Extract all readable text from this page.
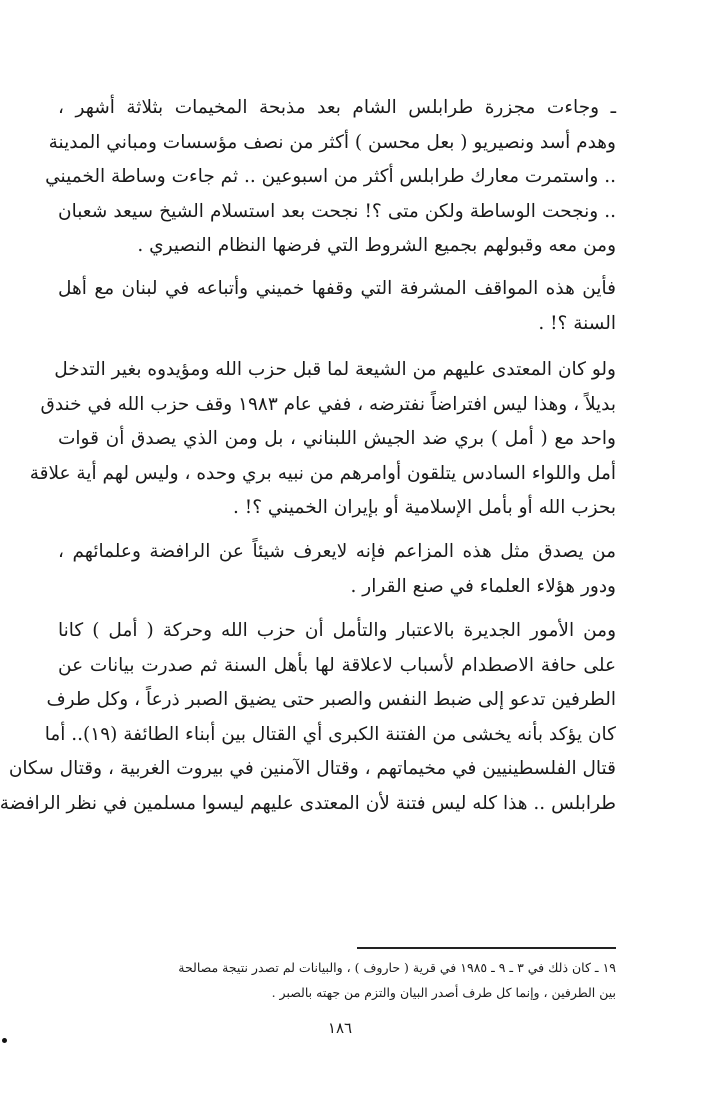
ـ وجاءت مجزرة طرابلس الشام بعد مذبحة المخيمات بثلاثة أشهر ،
وهدم أسد ونصيريو ( بعل محسن ) أكثر من نصف مؤسسات ومباني المدينة
.. واستمرت معارك طرابلس أكثر من اسبوعين .. ثم جاءت وساطة الخميني
.. ونجحت الوساطة ولكن متى ؟! نجحت بعد استسلام الشيخ سيعد شعبان
ومن معه وقبولهم بجميع الشروط التي فرضها النظام النصيري .
فأين هذه المواقف المشرفة التي وقفها خميني وأتباعه في لبنان مع أهل
السنة ؟! .
ولو كان المعتدى عليهم من الشيعة لما قبل حزب الله ومؤيدوه بغير التدخل
بديلاً ، وهذا ليس افتراضاً نفترضه ، ففي عام ١٩٨٣ وقف حزب الله في خندق
واحد مع ( أمل ) بري ضد الجيش اللبناني ، بل ومن الذي يصدق أن قوات
أمل واللواء السادس يتلقون أوامرهم من نبيه بري وحده ، وليس لهم أية علاقة
بحزب الله أو بأمل الإسلامية أو بإيران الخميني ؟! .
من يصدق مثل هذه المزاعم فإنه لايعرف شيئاً عن الرافضة وعلمائهم ،
ودور هؤلاء العلماء في صنع القرار .
ومن الأمور الجديرة بالاعتبار والتأمل أن حزب الله وحركة ( أمل ) كانا
على حافة الاصطدام لأسباب لاعلاقة لها بأهل السنة ثم صدرت بيانات عن
الطرفين تدعو إلى ضبط النفس والصبر حتى يضيق الصبر ذرعاً ، وكل طرف
كان يؤكد بأنه يخشى من الفتنة الكبرى أي القتال بين أبناء الطائفة (١٩).. أما
قتال الفلسطينيين في مخيماتهم ، وقتال الآمنين في بيروت الغربية ، وقتال سكان
طرابلس .. هذا كله ليس فتنة لأن المعتدى عليهم ليسوا مسلمين في نظر الرافضة
١٩ ـ كان ذلك في ٣ ـ ٩ ـ ١٩٨٥ في قرية ( حاروف ) ، والبيانات لم تصدر نتيجة مصالحة
بين الطرفين ، وإنما كل طرف أصدر البيان والتزم من جهته بالصبر .
١٨٦
